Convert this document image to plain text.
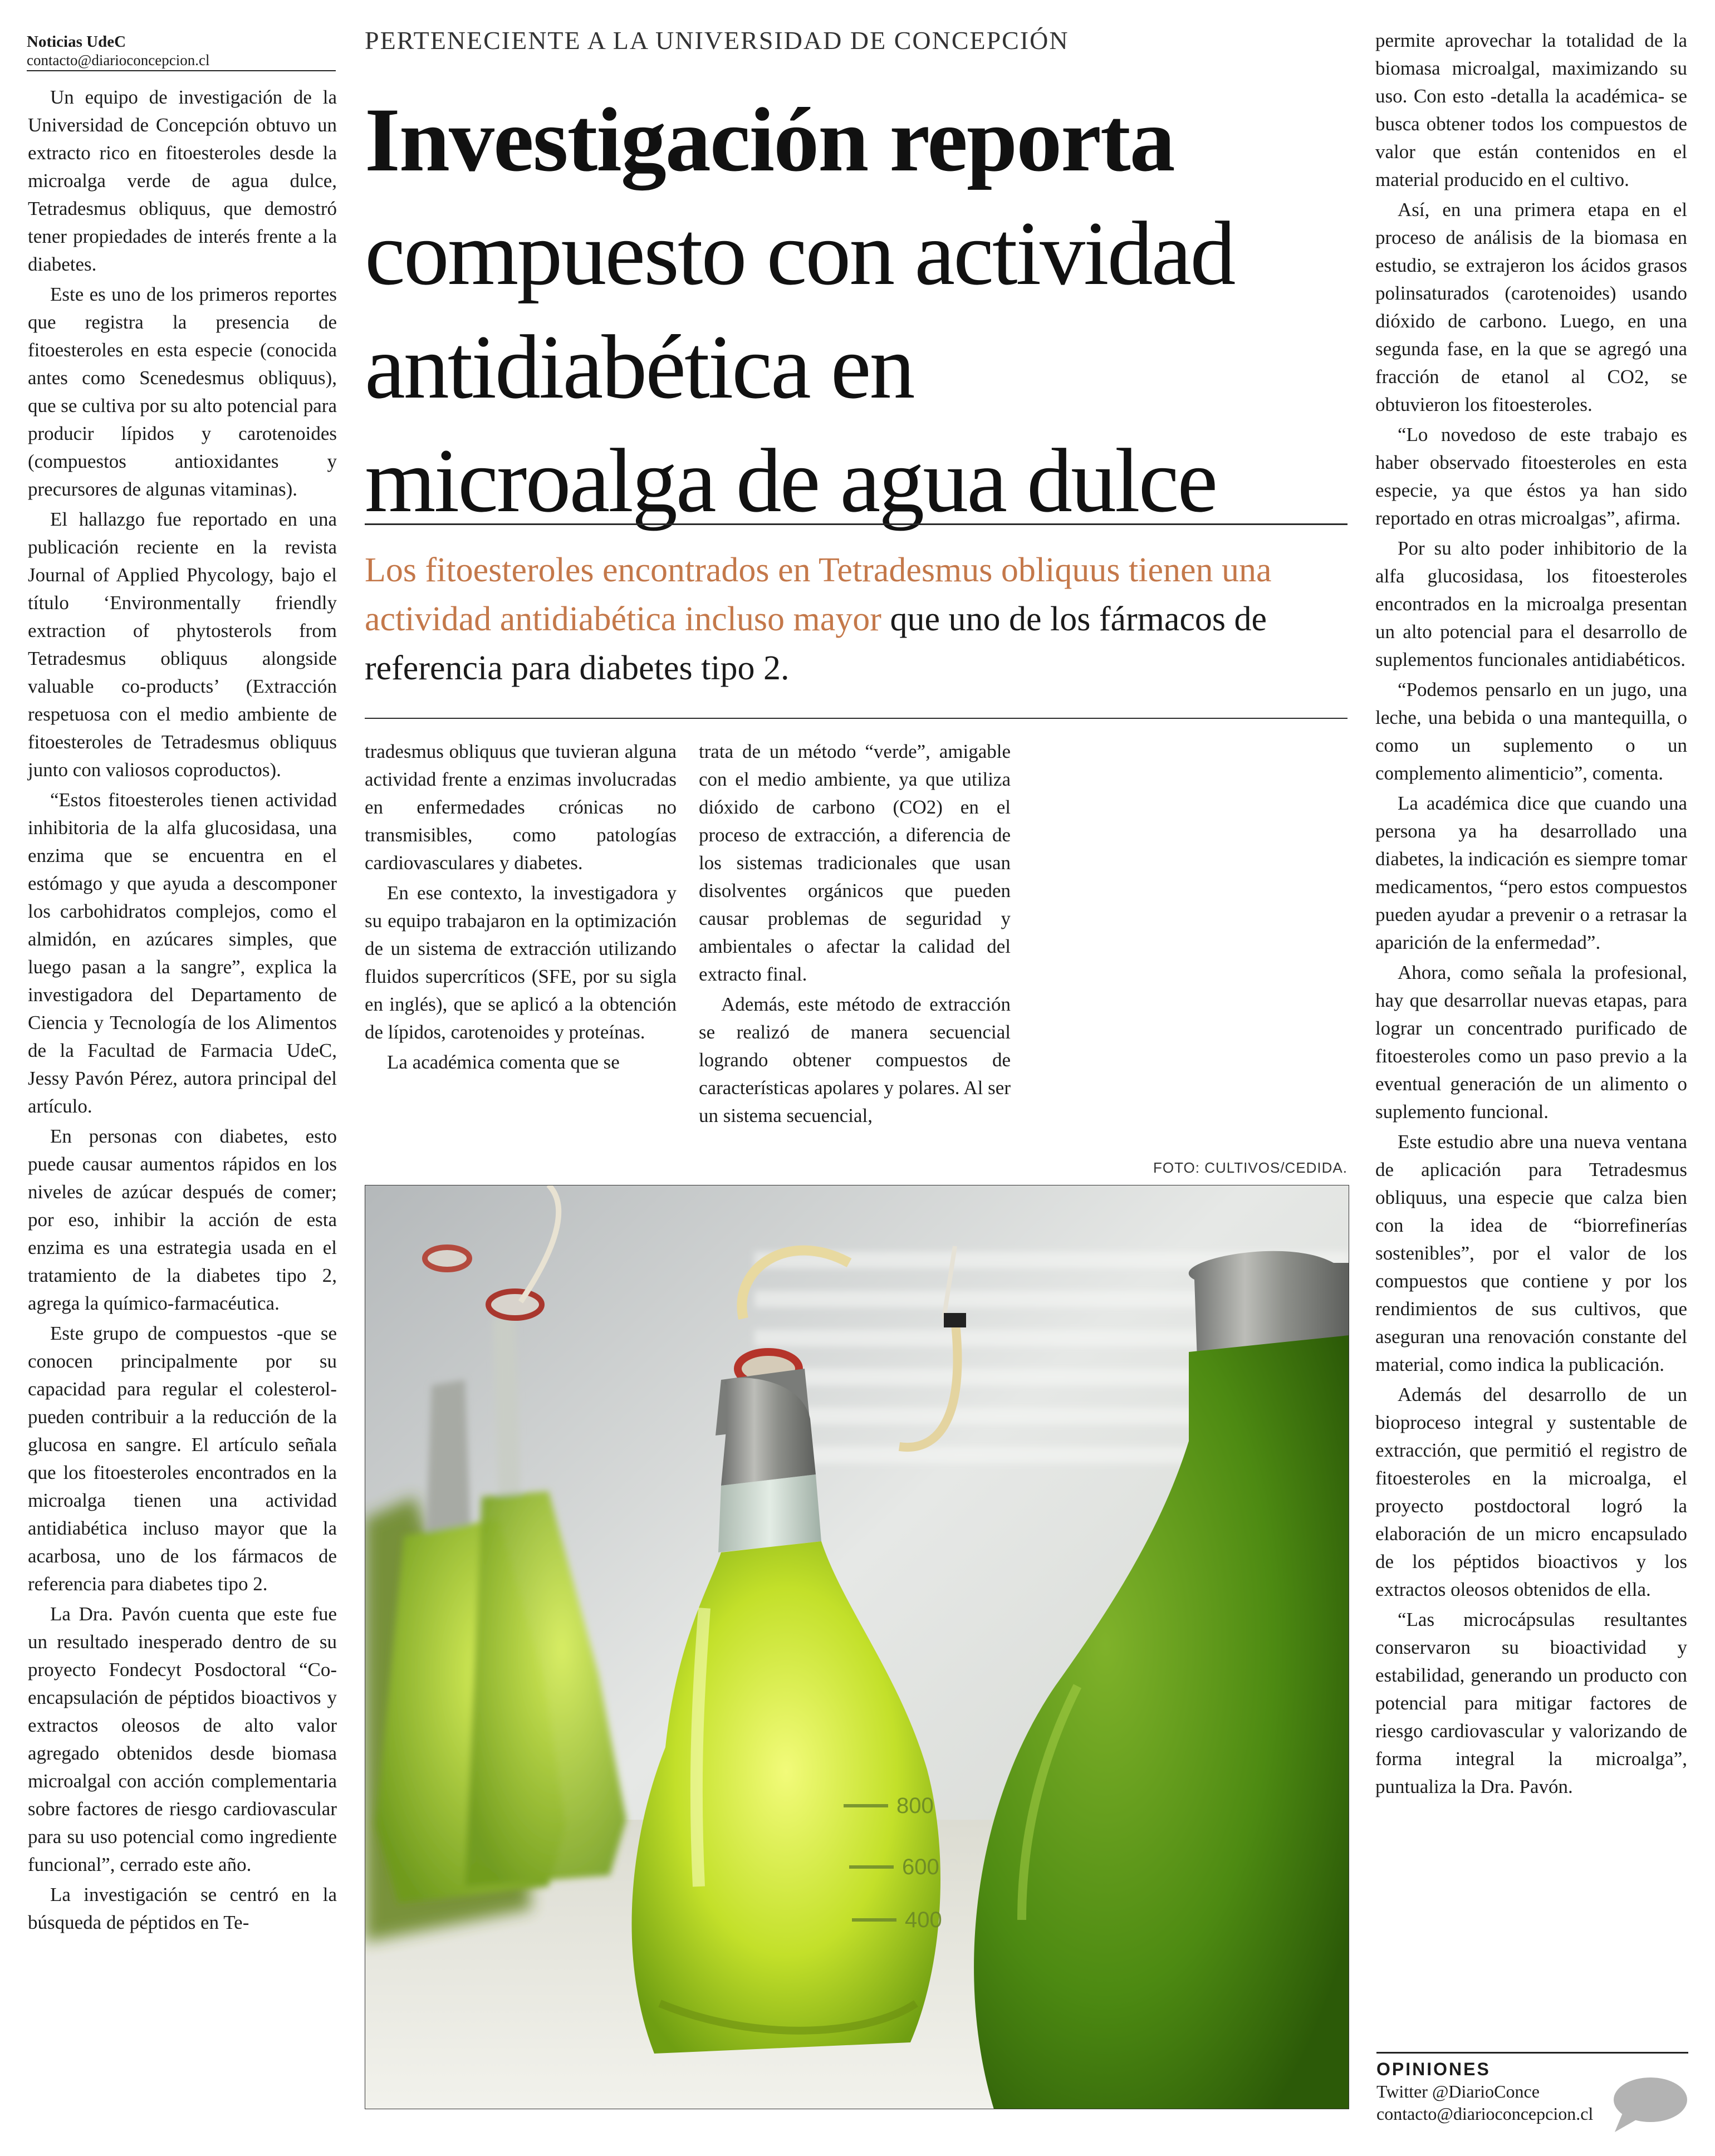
Noticias UdeC
contacto@diarioconcepcion.cl
PERTENECIENTE A LA UNIVERSIDAD DE CONCEPCIÓN
Investigación reporta
compuesto con actividad
antidiabética en
microalga de agua dulce
Los fitoesteroles encontrados en Tetradesmus obliquus tienen una actividad antidiabética incluso mayor que uno de los fármacos de referencia para diabetes tipo 2.

Un equipo de investigación de la Universidad de Concepción obtuvo un extracto rico en fitoesteroles desde la microalga verde de agua dulce, Tetradesmus obliquus, que demostró tener propiedades de interés frente a la diabetes.

Este es uno de los primeros reportes que registra la presencia de fitoesteroles en esta especie (conocida antes como Scenedesmus obliquus), que se cultiva por su alto potencial para producir lípidos y carotenoides (compuestos antioxidantes y precursores de algunas vitaminas).

El hallazgo fue reportado en una publicación reciente en la revista Journal of Applied Phycology, bajo el título ‘Environmentally friendly extraction of phytosterols from Tetradesmus obliquus alongside valuable co-products’ (Extracción respetuosa con el medio ambiente de fitoesteroles de Tetradesmus obliquus junto con valiosos coproductos).

“Estos fitoesteroles tienen actividad inhibitoria de la alfa glucosidasa, una enzima que se encuentra en el estómago y que ayuda a descomponer los carbohidratos complejos, como el almidón, en azúcares simples, que luego pasan a la sangre”, explica la investigadora del Departamento de Ciencia y Tecnología de los Alimentos de la Facultad de Farmacia UdeC, Jessy Pavón Pérez, autora principal del artículo.

En personas con diabetes, esto puede causar aumentos rápidos en los niveles de azúcar después de comer; por eso, inhibir la acción de esta enzima es una estrategia usada en el tratamiento de la diabetes tipo 2, agrega la químico-farmacéutica.

Este grupo de compuestos -que se conocen principalmente por su capacidad para regular el colesterol- pueden contribuir a la reducción de la glucosa en sangre. El artículo señala que los fitoesteroles encontrados en la microalga tienen una actividad antidiabética incluso mayor que la acarbosa, uno de los fármacos de referencia para diabetes tipo 2.

La Dra. Pavón cuenta que este fue un resultado inesperado dentro de su proyecto Fondecyt Posdoctoral “Co-encapsulación de péptidos bioactivos y extractos oleosos de alto valor agregado obtenidos desde biomasa microalgal con acción complementaria sobre factores de riesgo cardiovascular para su uso potencial como ingrediente funcional”, cerrado este año.

La investigación se centró en la búsqueda de péptidos en Te-

tradesmus obliquus que tuvieran alguna actividad frente a enzimas involucradas en enfermedades crónicas no transmisibles, como patologías cardiovasculares y diabetes.

En ese contexto, la investigadora y su equipo trabajaron en la optimización de un sistema de extracción utilizando fluidos supercríticos (SFE, por su sigla en inglés), que se aplicó a la obtención de lípidos, carotenoides y proteínas.

La académica comenta que se

trata de un método “verde”, amigable con el medio ambiente, ya que utiliza dióxido de carbono (CO2) en el proceso de extracción, a diferencia de los sistemas tradicionales que usan disolventes orgánicos que pueden causar problemas de seguridad y ambientales o afectar la calidad del extracto final.

Además, este método de extracción se realizó de manera secuencial logrando obtener compuestos de características apolares y polares. Al ser un sistema secuencial,

permite aprovechar la totalidad de la biomasa microalgal, maximizando su uso. Con esto -detalla la académica- se busca obtener todos los compuestos de valor que están contenidos en el material producido en el cultivo.

Así, en una primera etapa en el proceso de análisis de la biomasa en estudio, se extrajeron los ácidos grasos polinsaturados (carotenoides) usando dióxido de carbono. Luego, en una segunda fase, en la que se agregó una fracción de etanol al CO2, se obtuvieron los fitoesteroles.

“Lo novedoso de este trabajo es haber observado fitoesteroles en esta especie, ya que éstos ya han sido reportado en otras microalgas”, afirma.

Por su alto poder inhibitorio de la alfa glucosidasa, los fitoesteroles encontrados en la microalga presentan un alto potencial para el desarrollo de suplementos funcionales antidiabéticos.

“Podemos pensarlo en un jugo, una leche, una bebida o una mantequilla, o como un suplemento o un complemento alimenticio”, comenta.

La académica dice que cuando una persona ya ha desarrollado una diabetes, la indicación es siempre tomar medicamentos, “pero estos compuestos pueden ayudar a prevenir o a retrasar la aparición de la enfermedad”.

Ahora, como señala la profesional, hay que desarrollar nuevas etapas, para lograr un concentrado purificado de fitoesteroles como un paso previo a la eventual generación de un alimento o suplemento funcional.

Este estudio abre una nueva ventana de aplicación para Tetradesmus obliquus, una especie que calza bien con la idea de “biorrefinerías sostenibles”, por el valor de los compuestos que contiene y por los rendimientos de sus cultivos, que aseguran una renovación constante del material, como indica la publicación.

Además del desarrollo de un bioproceso integral y sustentable de extracción, que permitió el registro de fitoesteroles en la microalga, el proyecto postdoctoral logró la elaboración de un micro encapsulado de los péptidos bioactivos y los extractos oleosos obtenidos de ella.

“Las microcápsulas resultantes conservaron su bioactividad y estabilidad, generando un producto con potencial para mitigar factores de riesgo cardiovascular y valorizando de forma integral la microalga”, puntualiza la Dra. Pavón.

FOTO: CULTIVOS/CEDIDA.
800
600
400
OPINIONES
Twitter @DiarioConce
contacto@diarioconcepcion.cl
